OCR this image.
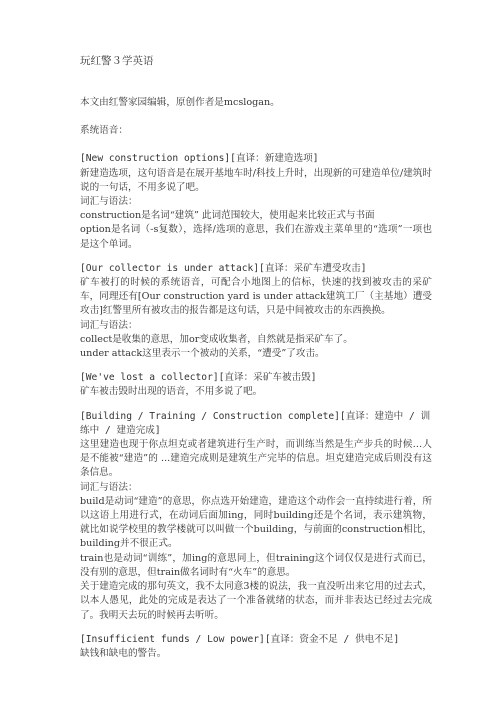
玩红警３学英语

本文由红警家园编辑，原创作者是mcslogan。

系统语音：

[New construction options][直译：新建造选项]

新建造选项，这句语音是在展开基地车时/科技上升时，出现新的可建造单位/建筑时说的一句话，不用多说了吧。

词汇与语法：

construction是名词“建筑” 此词范围较大，使用起来比较正式与书面

option是名词（-s复数），选择/选项的意思，我们在游戏主菜单里的“选项”一项也是这个单词。

[Our collector is under attack][直译：采矿车遭受攻击]

矿车被打的时候的系统语音，可配合小地图上的信标，快速的找到被攻击的采矿车，同理还有[Our construction yard is under attack建筑工厂（主基地）遭受攻击]红警里所有被攻击的报告都是这句话，只是中间被攻击的东西换换。

词汇与语法：

collect是收集的意思，加or变成收集者，自然就是指采矿车了。

under attack这里表示一个被动的关系，“遭受”了攻击。

[We've lost a collector][直译：采矿车被击毁]

矿车被击毁时出现的语音，不用多说了吧。

[Building / Training / Construction complete][直译：建造中 / 训练中 / 建造完成]

这里建造也现于你点坦克或者建筑进行生产时，而训练当然是生产步兵的时候…人是不能被“建造”的 ...建造完成则是建筑生产完毕的信息。坦克建造完成后则没有这条信息。

词汇与语法：

build是动词“建造”的意思，你点选开始建造，建造这个动作会一直持续进行着，所以这语上用进行式，在动词后面加ing，同时building还是个名词，表示建筑物，就比如说学校里的教学楼就可以叫做一个building，与前面的construction相比，building并不很正式。

train也是动词“训练”，加ing的意思同上，但training这个词仅仅是进行式而已，没有别的意思，但train做名词时有“火车”的意思。

关于建造完成的那句英文，我不太同意3楼的说法，我一直没听出来它用的过去式，以本人愚见，此处的完成是表达了一个准备就绪的状态，而并非表达已经过去完成了。我明天去玩的时候再去听听。

[Insufficient funds / Low power][直译：资金不足 / 供电不足]

缺钱和缺电的警告。
